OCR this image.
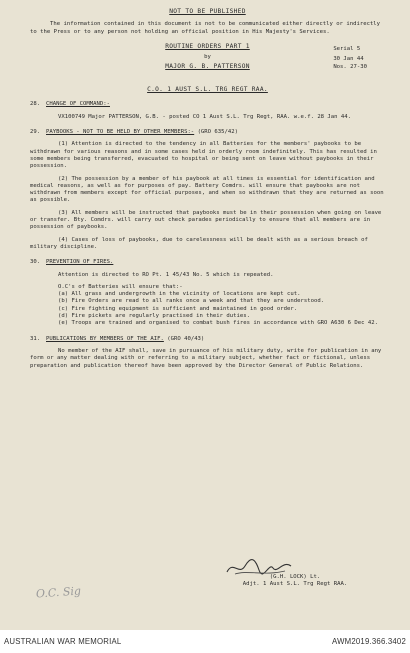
NOT TO BE PUBLISHED
The information contained in this document is not to be communicated either directly or indirectly to the Press or to any person not holding an official position in His Majesty's Services.
ROUTINE ORDERS PART 1
by
MAJOR G. B. PATTERSON
Serial 5
30 Jan 44
Nos. 27-30
C.O. 1 AUST S.L. TRG REGT RAA.
28.	CHANGE OF COMMAND:-
VX100749 Major PATTERSON, G.B. - posted CO 1 Aust S.L. Trg Regt, RAA. w.e.f. 28 Jan 44.
29.	PAYBOOKS - NOT TO BE HELD BY OTHER MEMBERS:- (GRO 635/42)
(1) Attention is directed to the tendency in all Batteries for the members' paybooks to be withdrawn for various reasons and in some cases held in orderly room indefinitely. This has resulted in some members being transferred, evacuated to hospital or being sent on leave without paybooks in their possession.
(2) The possession by a member of his paybook at all times is essential for identification and medical reasons, as well as for purposes of pay. Battery Comdrs. will ensure that paybooks are not withdrawn from members except for official purposes, and when so withdrawn that they are returned as soon as possible.
(3) All members will be instructed that paybooks must be in their possession when going on leave or transfer. Bty. Comdrs. will carry out check parades periodically to ensure that all members are in possession of paybooks.
(4) Cases of loss of paybooks, due to carelessness will be dealt with as a serious breach of military discipline.
30.	PREVENTION OF FIRES.
Attention is directed to RO Pt. 1 45/43 No. 5 which is repeated.
O.C's of Batteries will ensure that:-
(a) All grass and undergrowth in the vicinity of locations are kept cut.
(b) Fire Orders are read to all ranks once a week and that they are understood.
(c) Fire fighting equipment is sufficient and maintained in good order.
(d) Fire pickets are regularly practised in their duties.
(e) Troops are trained and organised to combat bush fires in accordance with GRO A630 6 Dec 42.
31.	PUBLICATIONS BY MEMBERS OF THE AIF. (GRO 40/43)
No member of the AIF shall, save in pursuance of his military duty, write for publication in any form or any matter dealing with or referring to a military subject, whether fact or fictional, unless preparation and publication thereof have been approved by the Director General of Public Relations.
(G.H. LOCK) Lt.
Adjt. 1 Aust S.L. Trg Regt RAA.
O.C. Sig
AUSTRALIAN WAR MEMORIAL	AWM2019.366.3402
